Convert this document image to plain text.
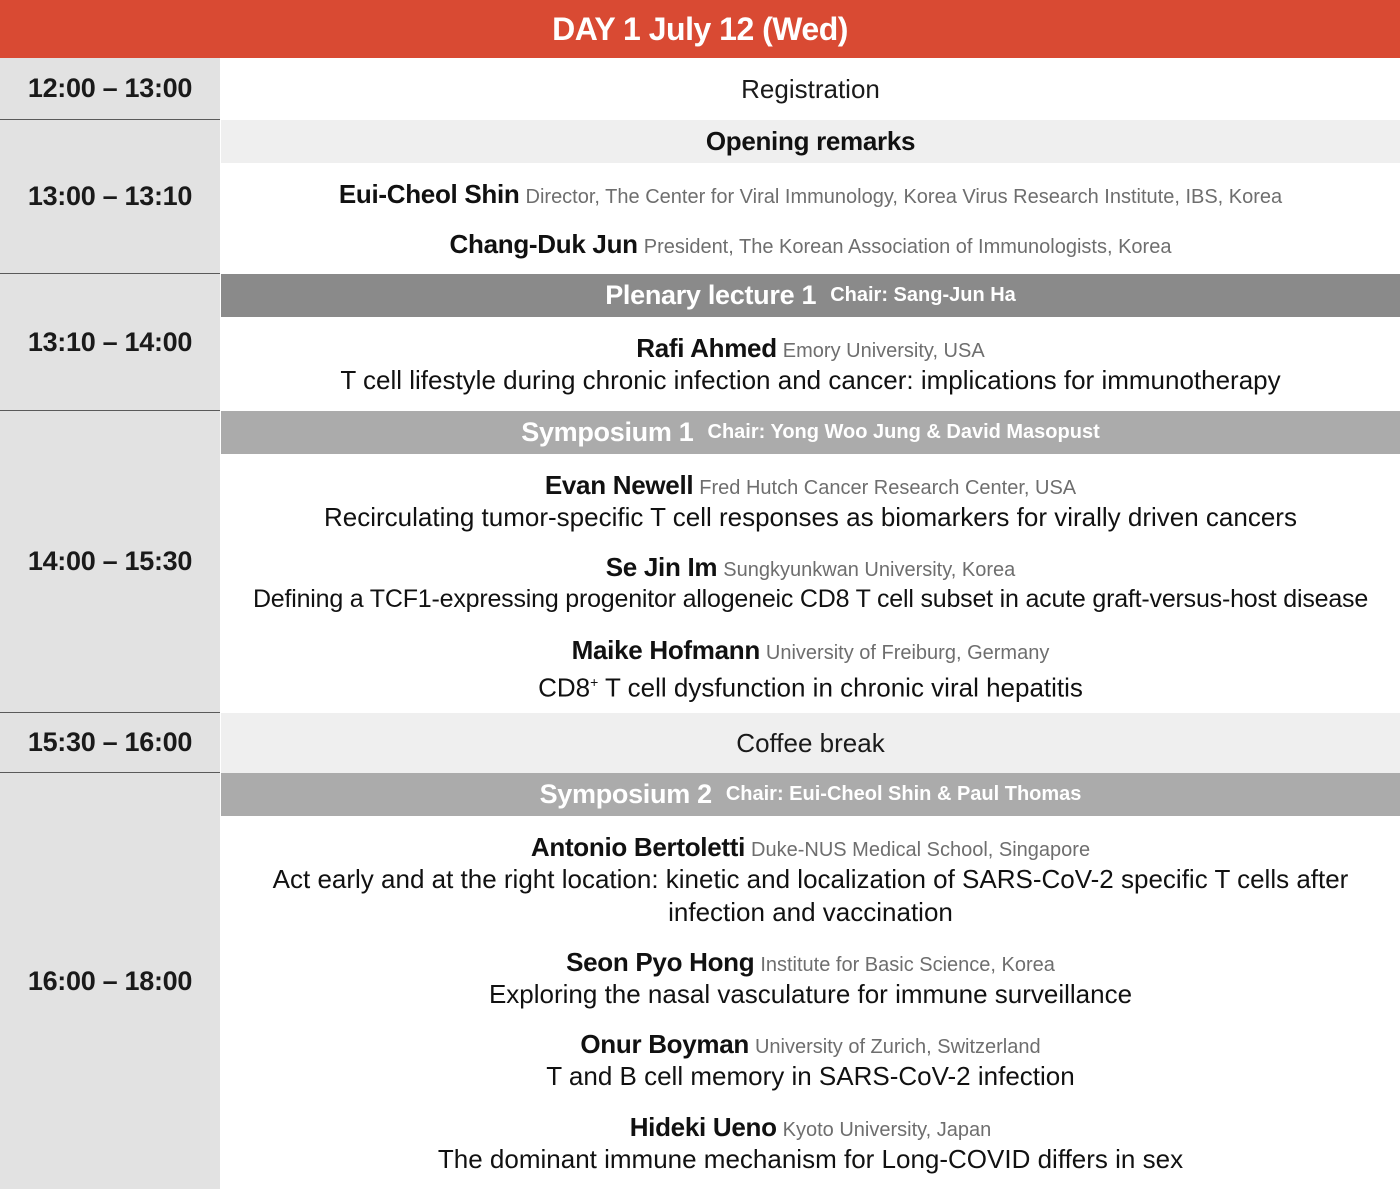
DAY 1 July 12 (Wed)
12:00 – 13:00
13:00 – 13:10
13:10 – 14:00
14:00 – 15:30
15:30 – 16:00
16:00 – 18:00
Registration
Opening remarks
Eui-Cheol Shin Director, The Center for Viral Immunology, Korea Virus Research Institute, IBS, Korea
Chang-Duk Jun President, The Korean Association of Immunologists, Korea
Plenary lecture 1 Chair: Sang-Jun Ha
Rafi Ahmed Emory University, USA
T cell lifestyle during chronic infection and cancer: implications for immunotherapy
Symposium 1 Chair: Yong Woo Jung & David Masopust
Evan Newell Fred Hutch Cancer Research Center, USA
Recirculating tumor-specific T cell responses as biomarkers for virally driven cancers
Se Jin Im Sungkyunkwan University, Korea
Defining a TCF1-expressing progenitor allogeneic CD8 T cell subset in acute graft-versus-host disease
Maike Hofmann University of Freiburg, Germany
CD8+ T cell dysfunction in chronic viral hepatitis
Coffee break
Symposium 2 Chair: Eui-Cheol Shin & Paul Thomas
Antonio Bertoletti Duke-NUS Medical School, Singapore
Act early and at the right location: kinetic and localization of SARS-CoV-2 specific T cells after
infection and vaccination
Seon Pyo Hong Institute for Basic Science, Korea
Exploring the nasal vasculature for immune surveillance
Onur Boyman University of Zurich, Switzerland
T and B cell memory in SARS-CoV-2 infection
Hideki Ueno Kyoto University, Japan
The dominant immune mechanism for Long-COVID differs in sex
